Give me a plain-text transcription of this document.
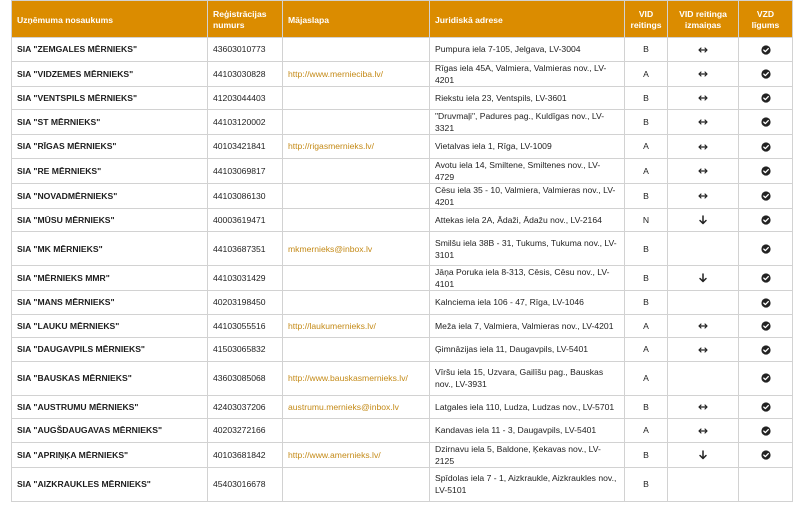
Uzņēmuma nosaukums	Reģistrācijas numurs	Mājaslapa	Juridiskā adrese	VID reitings	VID reitinga izmaiņas	VZD līgums
SIA "ZEMGALES MĒRNIEKS"	43603010773		Pumpura iela 7-105, Jelgava, LV-3004	B		
SIA "VIDZEMES MĒRNIEKS"	44103030828	http://www.mernieciba.lv/	Rīgas iela 45A, Valmiera, Valmieras nov., LV-4201	A		
SIA "VENTSPILS MĒRNIEKS"	41203044403		Riekstu iela 23, Ventspils, LV-3601	B		
SIA "ST MĒRNIEKS"	44103120002		"Druvmaļi", Padures pag., Kuldīgas nov., LV-3321	B		
SIA "RĪGAS MĒRNIEKS"	40103421841	http://rigasmernieks.lv/	Vietalvas iela 1, Rīga, LV-1009	A		
SIA "RE MĒRNIEKS"	44103069817		Avotu iela 14, Smiltene, Smiltenes nov., LV-4729	A		
SIA "NOVADMĒRNIEKS"	44103086130		Cēsu iela 35 - 10, Valmiera, Valmieras nov., LV-4201	B		
SIA "MŪSU MĒRNIEKS"	40003619471		Attekas iela 2A, Ādaži, Ādažu nov., LV-2164	N		
SIA "MK MĒRNIEKS"	44103687351	mkmernieks@inbox.lv	Smilšu iela 38B - 31, Tukums, Tukuma nov., LV-3101	B		
SIA "MĒRNIEKS MMR"	44103031429		Jāņa Poruka iela 8-313, Cēsis, Cēsu nov., LV-4101	B		
SIA "MANS MĒRNIEKS"	40203198450		Kalnciema iela 106 - 47, Rīga, LV-1046	B		
SIA "LAUKU MĒRNIEKS"	44103055516	http://laukumernieks.lv/	Meža iela 7, Valmiera, Valmieras nov., LV-4201	A		
SIA "DAUGAVPILS MĒRNIEKS"	41503065832		Ģimnāzijas iela 11, Daugavpils, LV-5401	A		
SIA "BAUSKAS MĒRNIEKS"	43603085068	http://www.bauskasmernieks.lv/	Vīršu iela 15, Uzvara, Gailīšu pag., Bauskas nov., LV-3931	A		
SIA "AUSTRUMU MĒRNIEKS"	42403037206	austrumu.mernieks@inbox.lv	Latgales iela 110, Ludza, Ludzas nov., LV-5701	B		
SIA "AUGŠDAUGAVAS MĒRNIEKS"	40203272166		Kandavas iela 11 - 3, Daugavpils, LV-5401	A		
SIA "APRIŅĶA MĒRNIEKS"	40103681842	http://www.amernieks.lv/	Dzirnavu iela 5, Baldone, Ķekavas nov., LV-2125	B		
SIA "AIZKRAUKLES MĒRNIEKS"	45403016678		Spīdolas iela 7 - 1, Aizkraukle, Aizkraukles nov., LV-5101	B		
